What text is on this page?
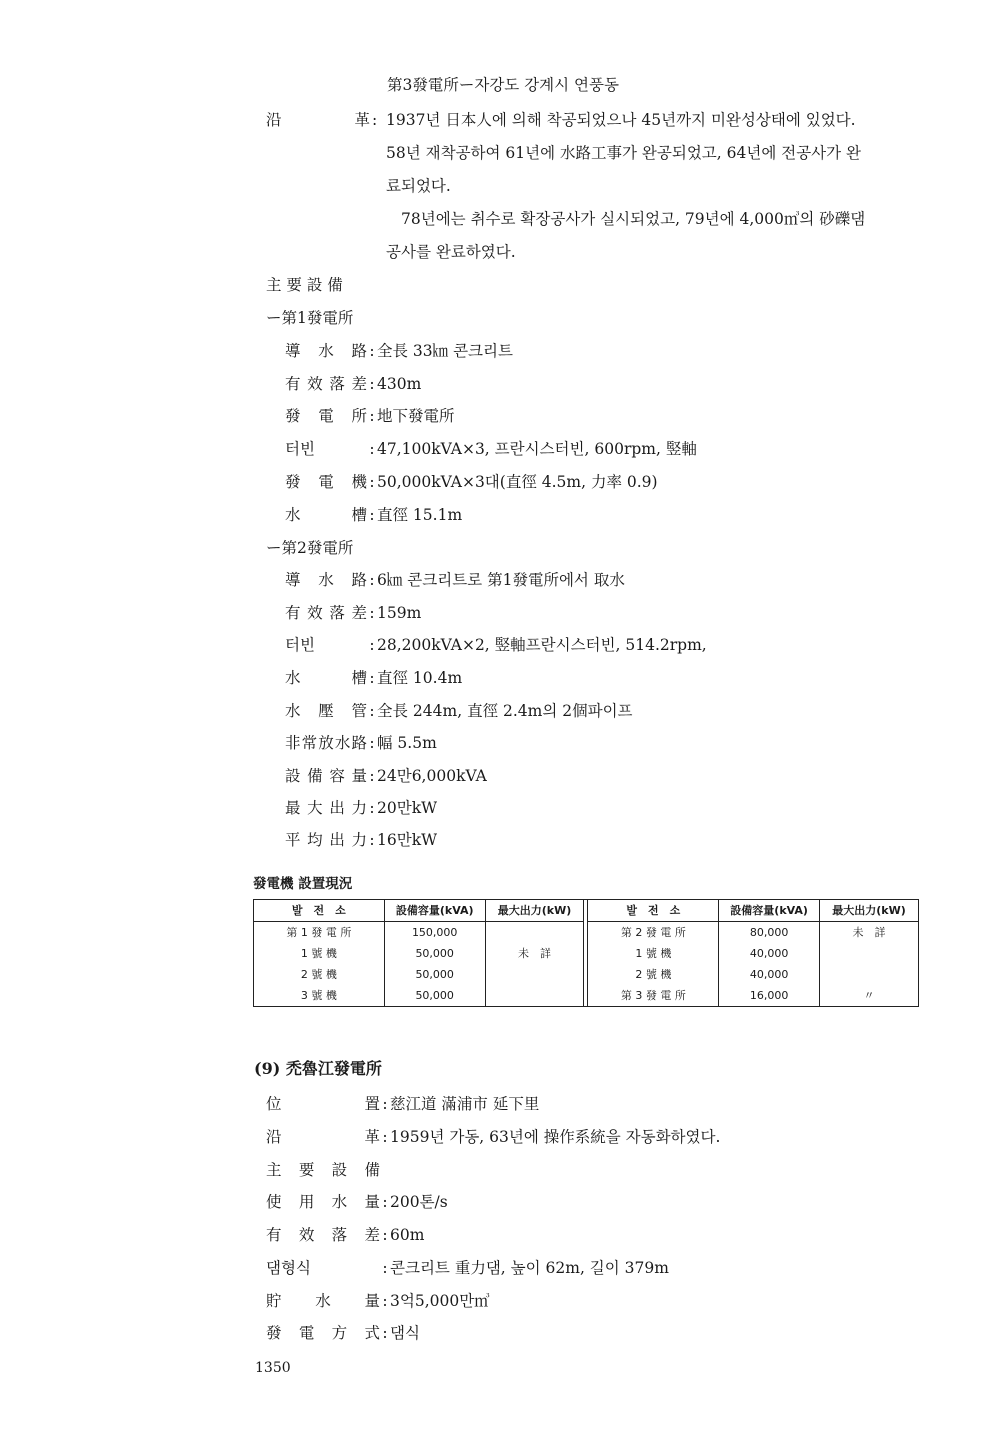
第3發電所ー자강도 강계시 연풍동
沿　　　　革 : 1937년 日本人에 의해 착공되었으나 45년까지 미완성상태에 있었다.
58년 재착공하여 61년에 水路工事가 완공되었고, 64년에 전공사가 완
료되었다.
78년에는 취수로 확장공사가 실시되었고, 79년에 4,000㎥의 砂礫댐
공사를 완료하였다.
主 要 設 備
ー第1發電所
導水路 : 全長 33㎞ 콘크리트
有效落差 : 430m
發電所 : 地下發電所
터빈	: 47,100kVA×3, 프란시스터빈, 600rpm, 竪軸
發電機 : 50,000kVA×3대(直徑 4.5m, 力率 0.9)
水槽 : 直徑 15.1m
ー第2發電所
導水路 : 6㎞ 콘크리트로 第1發電所에서 取水
有效落差 : 159m
터빈	: 28,200kVA×2, 竪軸프란시스터빈, 514.2rpm,
水槽 : 直徑 10.4m
水壓管 : 全長 244m, 直徑 2.4m의 2個파이프
非常放水路 : 幅 5.5m
設備容量 : 24만6,000kVA
最大出力 : 20만kW
平均出力 : 16만kW
發電機 設置現況
발　전　소	設備容量(kVA)	最大出力(kW)		발　전　소	設備容量(kVA)	最大出力(kW)
第 1 發 電 所	150,000			第 2 發 電 所	80,000	未　詳
1 號 機	50,000	未　詳		1 號 機	40,000	
2 號 機	50,000			2 號 機	40,000	
3 號 機	50,000			第 3 發 電 所	16,000	〃
(9) 禿魯江發電所
位置 : 慈江道 滿浦市 延下里
沿革 : 1959년 가동, 63년에 操作系統을 자동화하였다.
主要設備
使用水量 : 200톤/s
有效落差 : 60m
댐형식	: 콘크리트 重力댐, 높이 62m, 길이 379m
貯水量 : 3억5,000만㎥
發電方式 : 댐식
1350
